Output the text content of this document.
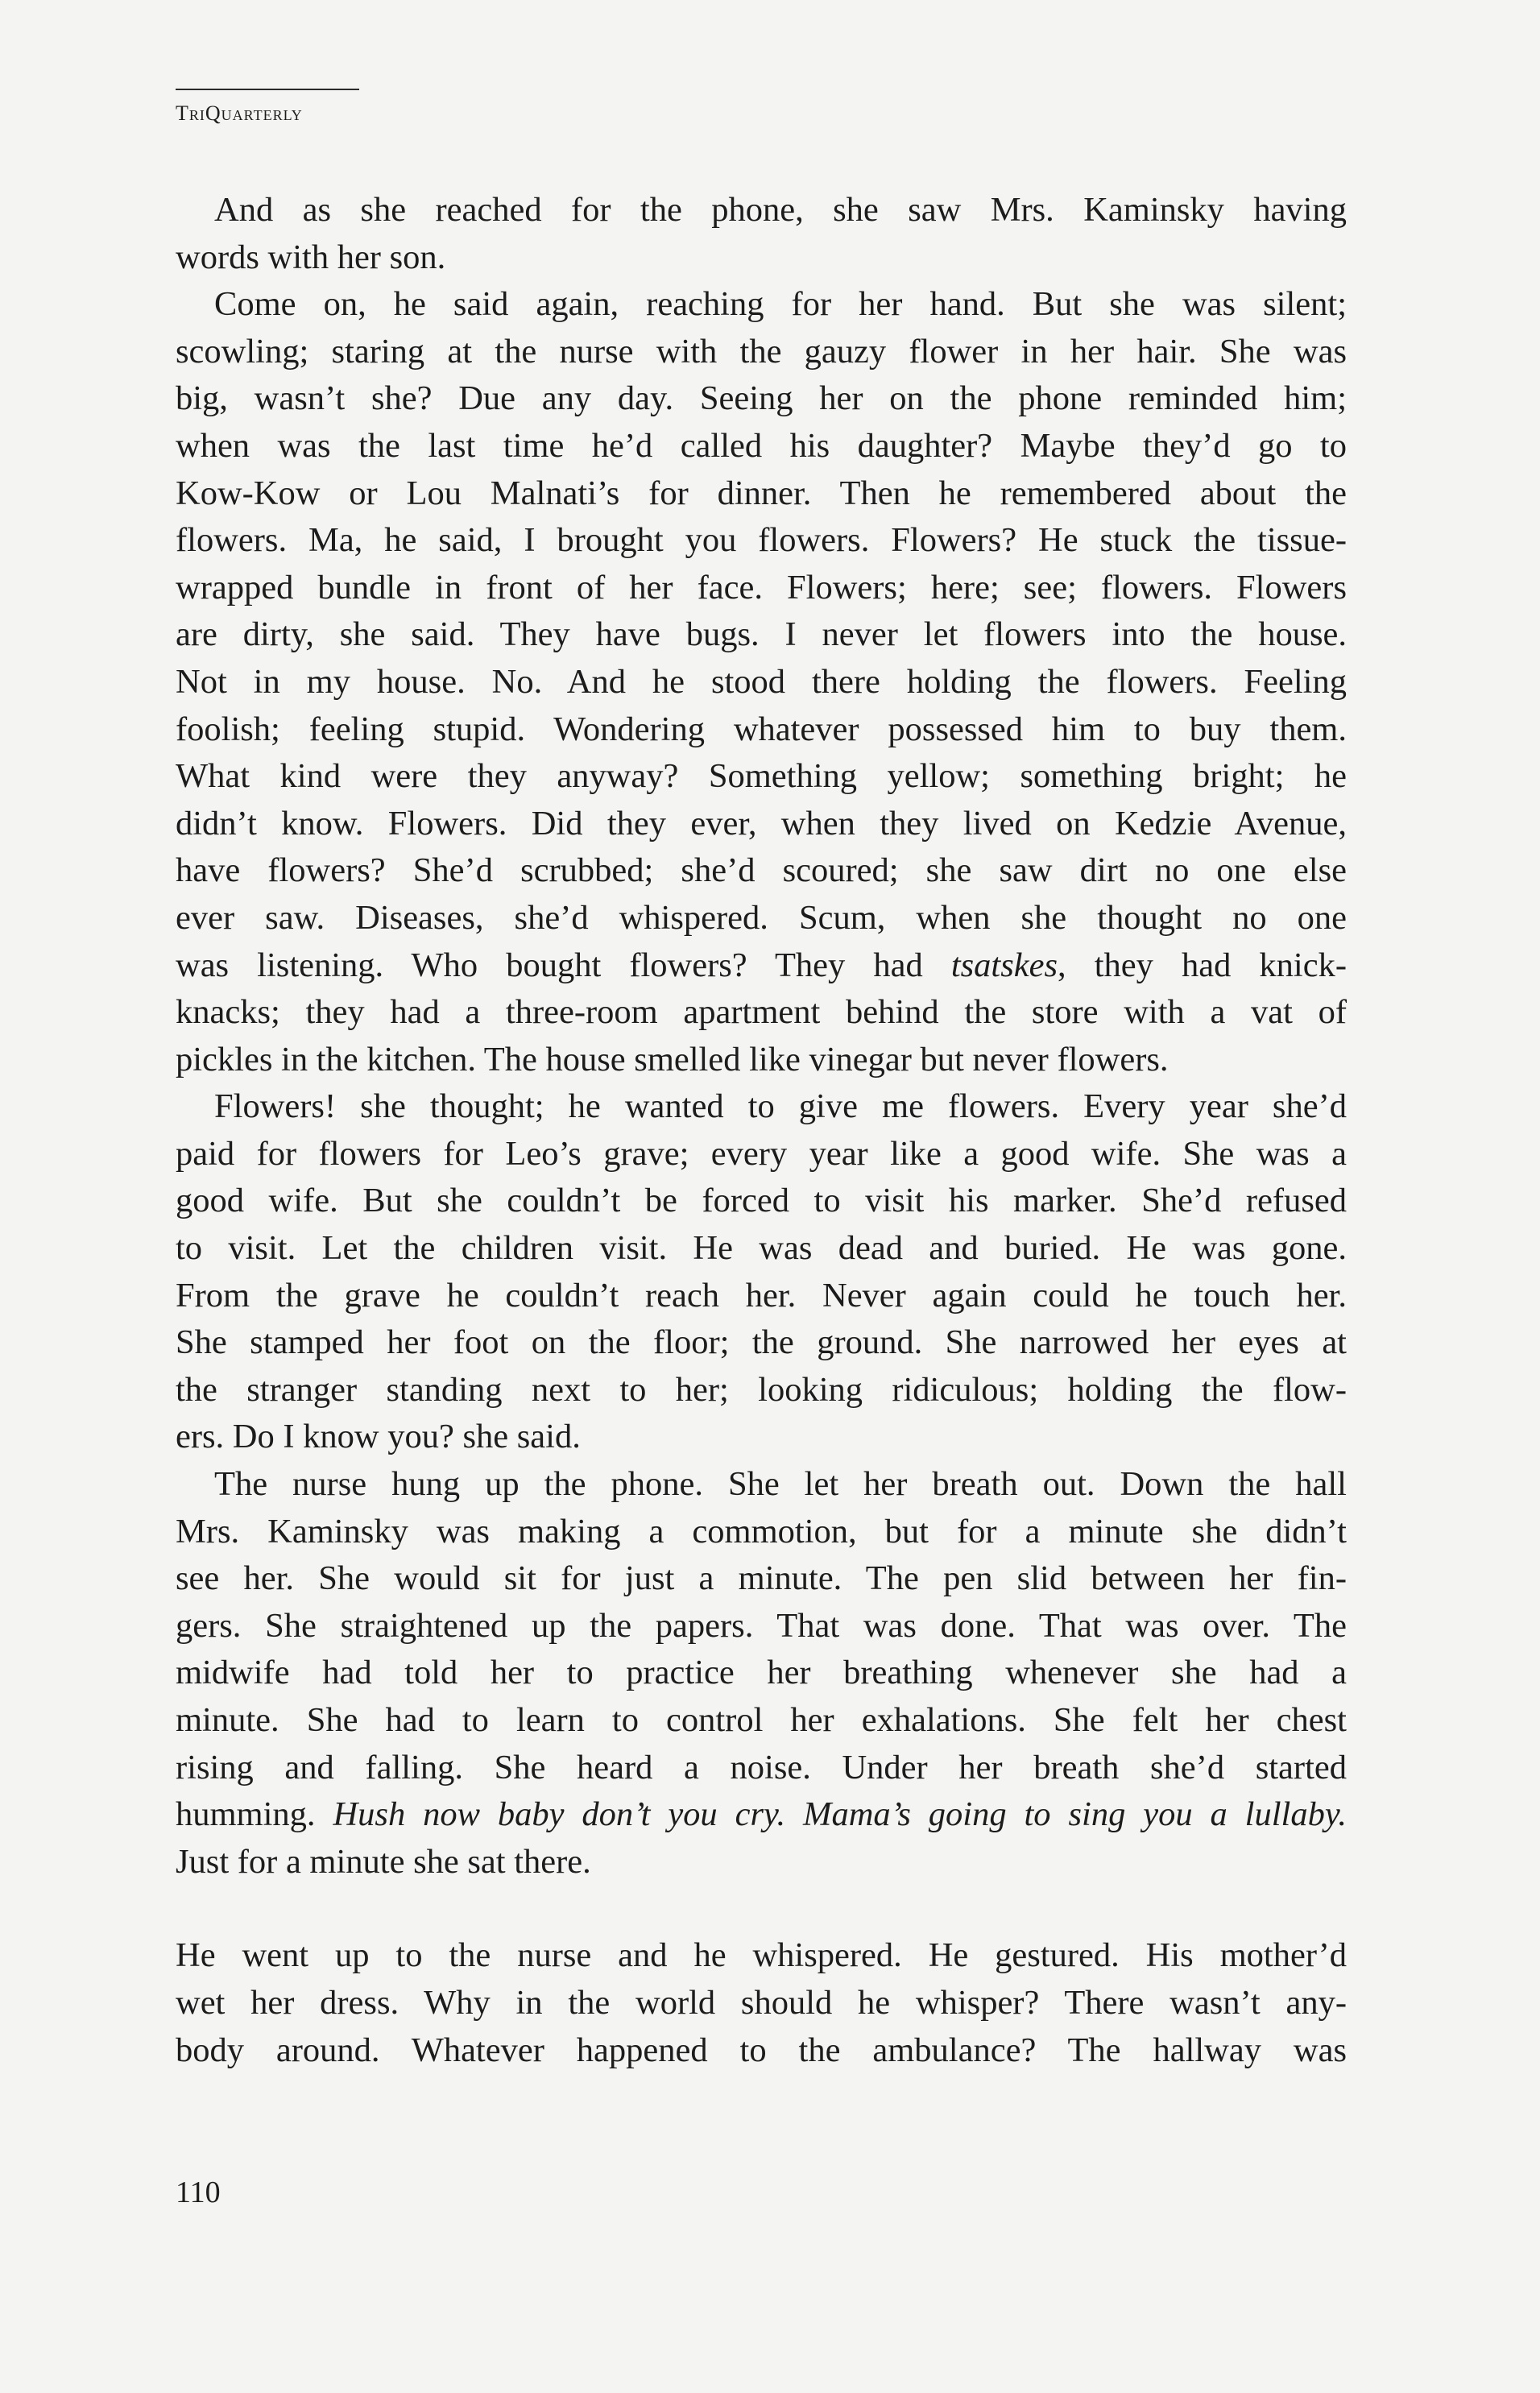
TriQuarterly
And as she reached for the phone, she saw Mrs. Kaminsky having
words with her son.
Come on, he said again, reaching for her hand. But she was silent;
scowling; staring at the nurse with the gauzy flower in her hair. She was
big, wasn’t she? Due any day. Seeing her on the phone reminded him;
when was the last time he’d called his daughter? Maybe they’d go to
Kow-Kow or Lou Malnati’s for dinner. Then he remembered about the
flowers. Ma, he said, I brought you flowers. Flowers? He stuck the tissue-
wrapped bundle in front of her face. Flowers; here; see; flowers. Flowers
are dirty, she said. They have bugs. I never let flowers into the house.
Not in my house. No. And he stood there holding the flowers. Feeling
foolish; feeling stupid. Wondering whatever possessed him to buy them.
What kind were they anyway? Something yellow; something bright; he
didn’t know. Flowers. Did they ever, when they lived on Kedzie Avenue,
have flowers? She’d scrubbed; she’d scoured; she saw dirt no one else
ever saw. Diseases, she’d whispered. Scum, when she thought no one
was listening. Who bought flowers? They had tsatskes, they had knick-
knacks; they had a three-room apartment behind the store with a vat of
pickles in the kitchen. The house smelled like vinegar but never flowers.
Flowers! she thought; he wanted to give me flowers. Every year she’d
paid for flowers for Leo’s grave; every year like a good wife. She was a
good wife. But she couldn’t be forced to visit his marker. She’d refused
to visit. Let the children visit. He was dead and buried. He was gone.
From the grave he couldn’t reach her. Never again could he touch her.
She stamped her foot on the floor; the ground. She narrowed her eyes at
the stranger standing next to her; looking ridiculous; holding the flow-
ers. Do I know you? she said.
The nurse hung up the phone. She let her breath out. Down the hall
Mrs. Kaminsky was making a commotion, but for a minute she didn’t
see her. She would sit for just a minute. The pen slid between her fin-
gers. She straightened up the papers. That was done. That was over. The
midwife had told her to practice her breathing whenever she had a
minute. She had to learn to control her exhalations. She felt her chest
rising and falling. She heard a noise. Under her breath she’d started
humming. Hush now baby don’t you cry. Mama’s going to sing you a lullaby.
Just for a minute she sat there.
He went up to the nurse and he whispered. He gestured. His mother’d
wet her dress. Why in the world should he whisper? There wasn’t any-
body around. Whatever happened to the ambulance? The hallway was
110
